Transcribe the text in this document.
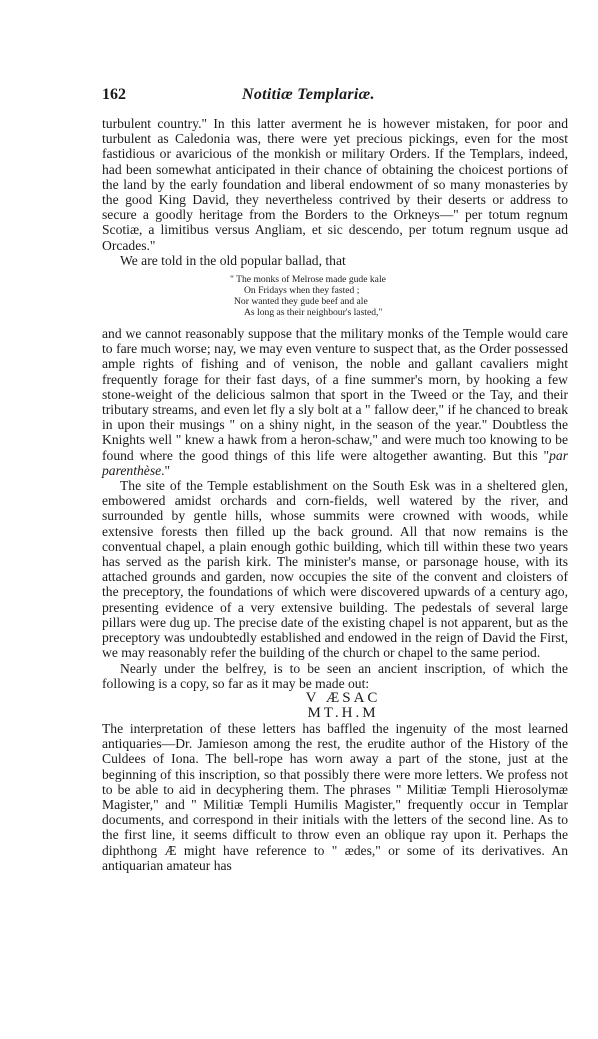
162	Notitiæ Templariæ.

turbulent country." In this latter averment he is however mistaken, for poor and turbulent as Caledonia was, there were yet precious pickings, even for the most fastidious or avaricious of the monkish or military Orders. If the Templars, indeed, had been somewhat anticipated in their chance of obtaining the choicest portions of the land by the early foundation and liberal endowment of so many monasteries by the good King David, they nevertheless contrived by their deserts or address to secure a goodly heritage from the Borders to the Orkneys—" per totum regnum Scotiæ, a limitibus versus Angliam, et sic descendo, per totum regnum usque ad Orcades."

We are told in the old popular ballad, that

" The monks of Melrose made gude kale
On Fridays when they fasted ;
Nor wanted they gude beef and ale
As long as their neighbour's lasted,"

and we cannot reasonably suppose that the military monks of the Temple would care to fare much worse; nay, we may even venture to suspect that, as the Order possessed ample rights of fishing and of venison, the noble and gallant cavaliers might frequently forage for their fast days, of a fine summer's morn, by hooking a few stone-weight of the delicious salmon that sport in the Tweed or the Tay, and their tributary streams, and even let fly a sly bolt at a " fallow deer," if he chanced to break in upon their musings " on a shiny night, in the season of the year." Doubtless the Knights well " knew a hawk from a heron-schaw," and were much too knowing to be found where the good things of this life were altogether awanting. But this "par parenthèse."

The site of the Temple establishment on the South Esk was in a sheltered glen, embowered amidst orchards and corn-fields, well watered by the river, and surrounded by gentle hills, whose summits were crowned with woods, while extensive forests then filled up the back ground. All that now remains is the conventual chapel, a plain enough gothic building, which till within these two years has served as the parish kirk. The minister's manse, or parsonage house, with its attached grounds and garden, now occupies the site of the convent and cloisters of the preceptory, the foundations of which were discovered upwards of a century ago, presenting evidence of a very extensive building. The pedestals of several large pillars were dug up. The precise date of the existing chapel is not apparent, but as the preceptory was undoubtedly established and endowed in the reign of David the First, we may reasonably refer the building of the church or chapel to the same period.

Nearly under the belfrey, is to be seen an ancient inscription, of which the following is a copy, so far as it may be made out:

V ÆSAC

MT.H.M

The interpretation of these letters has baffled the ingenuity of the most learned antiquaries—Dr. Jamieson among the rest, the erudite author of the History of the Culdees of Iona. The bell-rope has worn away a part of the stone, just at the beginning of this inscription, so that possibly there were more letters. We profess not to be able to aid in decyphering them. The phrases " Militiæ Templi Hierosolymæ Magister," and " Militiæ Templi Humilis Magister," frequently occur in Templar documents, and correspond in their initials with the letters of the second line. As to the first line, it seems difficult to throw even an oblique ray upon it. Perhaps the diphthong Æ might have reference to " ædes," or some of its derivatives. An antiquarian amateur has
